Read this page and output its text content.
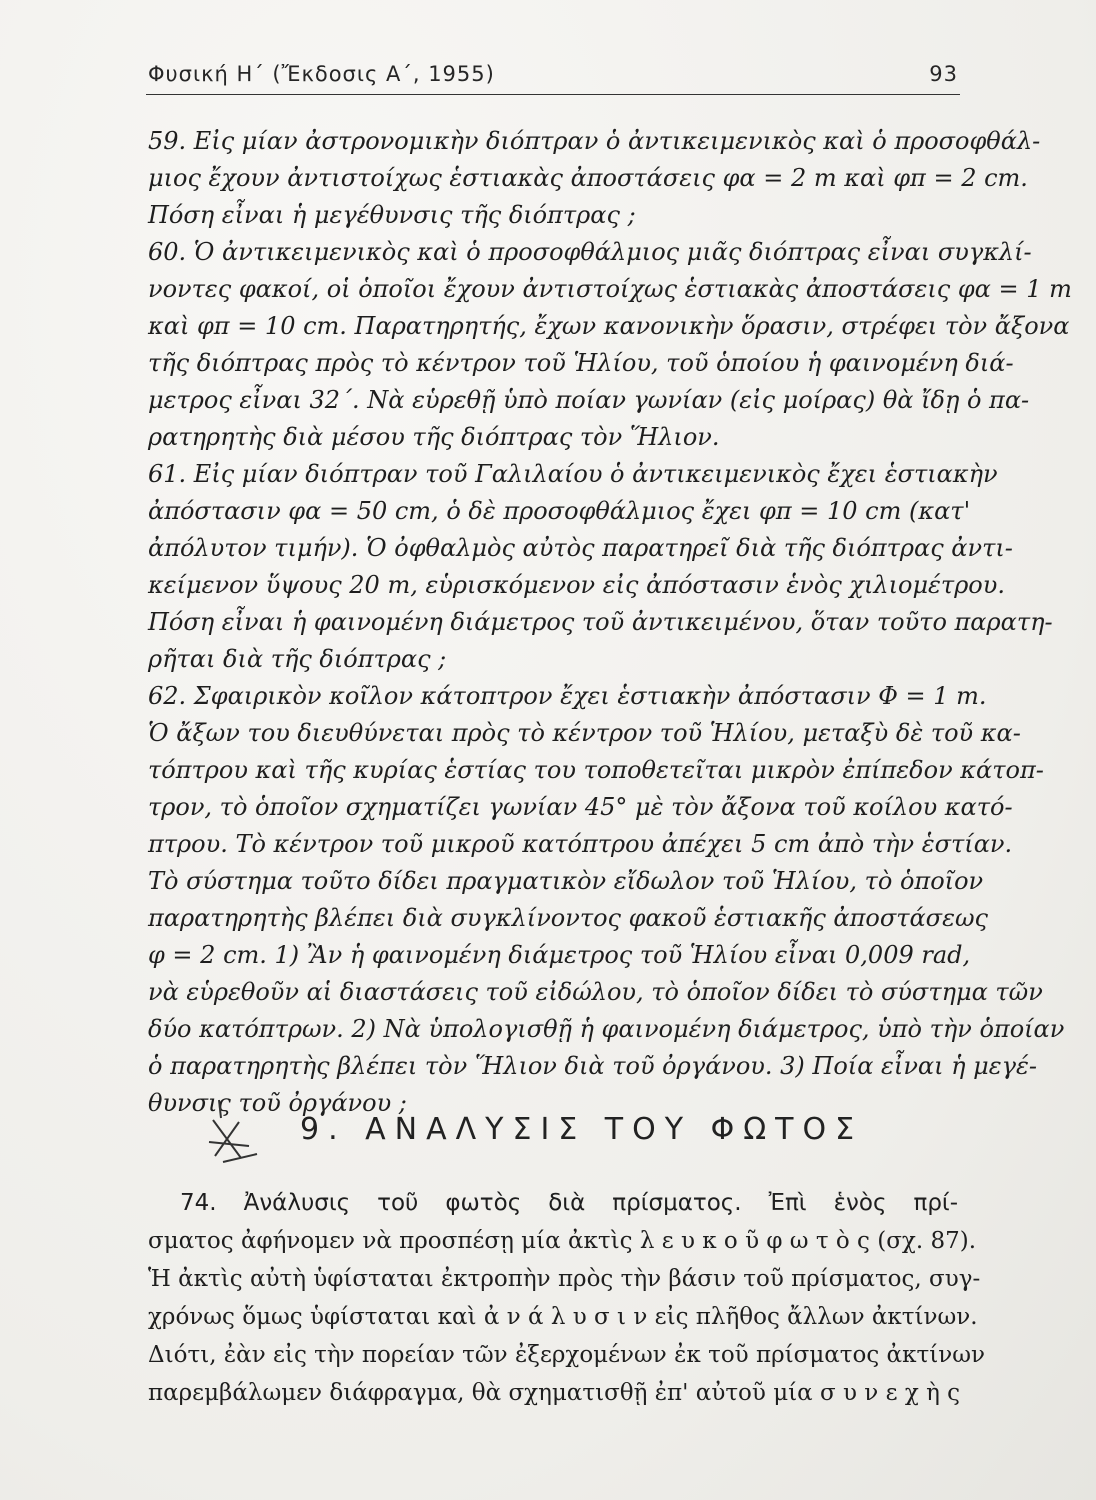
Φυσική Η΄ (Ἔκδοσις Α΄, 1955)	93
59. Εἰς μίαν ἀστρονομικὴν διόπτραν ὁ ἀντικειμενικὸς καὶ ὁ προσοφθάλ-
μιος ἔχουν ἀντιστοίχως ἑστιακὰς ἀποστάσεις φα = 2 m καὶ φπ = 2 cm.
Πόση εἶναι ἡ μεγέθυνσις τῆς διόπτρας ;
60. Ὁ ἀντικειμενικὸς καὶ ὁ προσοφθάλμιος μιᾶς διόπτρας εἶναι συγκλί-
νοντες φακοί, οἱ ὁποῖοι ἔχουν ἀντιστοίχως ἑστιακὰς ἀποστάσεις φα = 1 m
καὶ φπ = 10 cm. Παρατηρητής, ἔχων κανονικὴν ὅρασιν, στρέφει τὸν ἄξονα
τῆς διόπτρας πρὸς τὸ κέντρον τοῦ Ἡλίου, τοῦ ὁποίου ἡ φαινομένη διά-
μετρος εἶναι 32΄. Νὰ εὑρεθῇ ὑπὸ ποίαν γωνίαν (εἰς μοίρας) θὰ ἴδῃ ὁ πα-
ρατηρητὴς διὰ μέσου τῆς διόπτρας τὸν Ἥλιον.
61. Εἰς μίαν διόπτραν τοῦ Γαλιλαίου ὁ ἀντικειμενικὸς ἔχει ἑστιακὴν
ἀπόστασιν φα = 50 cm, ὁ δὲ προσοφθάλμιος ἔχει φπ = 10 cm (κατ'
ἀπόλυτον τιμήν). Ὁ ὀφθαλμὸς αὐτὸς παρατηρεῖ διὰ τῆς διόπτρας ἀντι-
κείμενον ὕψους 20 m, εὑρισκόμενον εἰς ἀπόστασιν ἑνὸς χιλιομέτρου.
Πόση εἶναι ἡ φαινομένη διάμετρος τοῦ ἀντικειμένου, ὅταν τοῦτο παρατη-
ρῆται διὰ τῆς διόπτρας ;
62. Σφαιρικὸν κοῖλον κάτοπτρον ἔχει ἑστιακὴν ἀπόστασιν Φ = 1 m.
Ὁ ἄξων του διευθύνεται πρὸς τὸ κέντρον τοῦ Ἡλίου, μεταξὺ δὲ τοῦ κα-
τόπτρου καὶ τῆς κυρίας ἑστίας του τοποθετεῖται μικρὸν ἐπίπεδον κάτοπ-
τρον, τὸ ὁποῖον σχηματίζει γωνίαν 45° μὲ τὸν ἄξονα τοῦ κοίλου κατό-
πτρου. Τὸ κέντρον τοῦ μικροῦ κατόπτρου ἀπέχει 5 cm ἀπὸ τὴν ἑστίαν.
Τὸ σύστημα τοῦτο δίδει πραγματικὸν εἴδωλον τοῦ Ἡλίου, τὸ ὁποῖον
παρατηρητὴς βλέπει διὰ συγκλίνοντος φακοῦ ἑστιακῆς ἀποστάσεως
φ = 2 cm. 1) Ἂν ἡ φαινομένη διάμετρος τοῦ Ἡλίου εἶναι 0,009 rad,
νὰ εὑρεθοῦν αἱ διαστάσεις τοῦ εἰδώλου, τὸ ὁποῖον δίδει τὸ σύστημα τῶν
δύο κατόπτρων. 2) Νὰ ὑπολογισθῇ ἡ φαινομένη διάμετρος, ὑπὸ τὴν ὁποίαν
ὁ παρατηρητὴς βλέπει τὸν Ἥλιον διὰ τοῦ ὀργάνου. 3) Ποία εἶναι ἡ μεγέ-
θυνσις τοῦ ὀργάνου ;
9. ΑΝΑΛΥΣΙΣ ΤΟΥ ΦΩΤΟΣ
74. Ἀνάλυσις τοῦ φωτὸς διὰ πρίσματος. Ἐπὶ ἑνὸς πρί-
σματος ἀφήνομεν νὰ προσπέσῃ μία ἀκτὶς λ ε υ κ ο ῦ φ ω τ ὸ ς (σχ. 87).
Ἡ ἀκτὶς αὐτὴ ὑφίσταται ἐκτροπὴν πρὸς τὴν βάσιν τοῦ πρίσματος, συγ-
χρόνως ὅμως ὑφίσταται καὶ ἀ ν ά λ υ σ ι ν εἰς πλῆθος ἄλλων ἀκτίνων.
Διότι, ἐὰν εἰς τὴν πορείαν τῶν ἐξερχομένων ἐκ τοῦ πρίσματος ἀκτίνων
παρεμβάλωμεν διάφραγμα, θὰ σχηματισθῇ ἐπ' αὐτοῦ μία σ υ ν ε χ ὴ ς
